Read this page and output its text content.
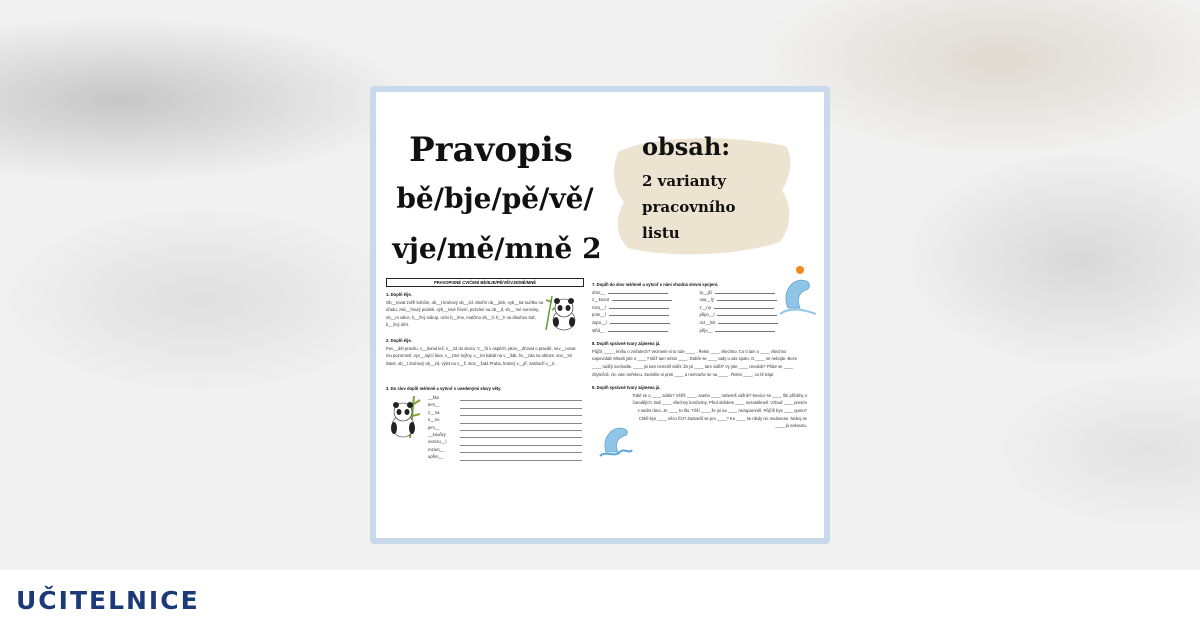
UČITELNICE
Pravopis
bě/bje/pě/vě/
vje/mě/mně 2
obsah:
2 varianty
pracovního
listu
PRAVOPISNÉ CVIČENÍ BĚ/BJE/PĚ/VĚ/VJE/MĚ/MNĚ
1. Doplň ě/je.
Ob__tovat zvěři bohům, ob__t kruhový ob__zd. Skořní ob__jímk, vyb__tat razítko na úřadu, zab__hnutý podnik, výb__rové řízení, pozvání na ob__d, sb__ mé suroviny, ob__m válce, b__žný nákup, ozívi b__lmo, matčino ob__tí, b__h na dlouhou trať, b__žný úřet.
2. Doplň ě/je.
Pov__dět pravdu, v__domá lež, v__zd do dvora, V__řit v úspěch, pkov__dčovat o pravdě, nev__novat mu pozornost, vyv__rající láva, v__zmé mýlny, v__let kabát na v__šák, hv__zda na obloze, sov__tní listek, ob__t kruhový ob__zd, výlet na v__ž, stov__žatá Praha, krásný v__jíř, zaslouží v__k.
3. Do slov doplň mě/mně a vytvoř s uvedenými slovy věty.
__ško
tem__
z__na
s__no
jem__
__koučky
nerozu__l
rozum__
upřim__
7. Doplň do slov mě/mně a vytvoř s nimi vhodná slovní spojení.
ohro__	ta__jší
z__knout	osa__lý
rozu__l	z__na
pote__l	připo__l
zapo__l	roz__lnit
střid__	příje__
8. Doplň správné tvary zájmena já.
Půjčit _____ knihu o zvířatech? Vezmete si to ode ____ . Řekni ____ všechno. Co ti tam o ____ všechno napovídali! Mluvili jste o ____? Běž tam místo ____. Dobře se ____ tady u vás spalo. O ____ se nebojte. Beze ____ raději nechodte. ____ jsi tam nemohl vidět. Že jsi ____ tam viděl? Vy jste ____ nevolali? Přáte se ____ zbytečně, nic vám neřeknu. Sedněte si proti ____ a nemračte se na ____ . Řekni ____, co tě trápí.
9. Doplň správné tvary zájmena já.
Tobě se o ____ zdálo? Věříš ____, anebo ____ nebereš vážně? Nevíce se ____ líbí příběhy o čarodějích. Boli ____ všechny končetiny. Před obědem ____ nezastihneš. Vzbuď ____ prosím v sedm ráno. Je ____ to líto. Těší ____ že jsi na ____ nezapomněl. Půjčíš bys ____ gumu? Chtěl bys ____ něco říct? Zastavíš se pro ____? Ke ____ se nikdy nic nedonese. Neboj se ____ já nekousu.
